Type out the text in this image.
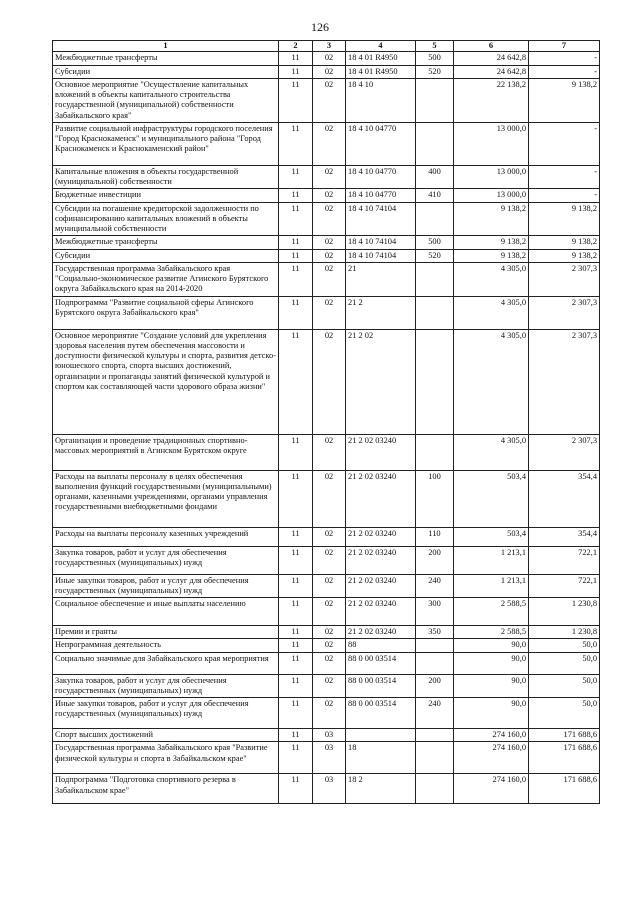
126
1	2	3	4	5	6	7
Межбюджетные трансферты	11	02	18 4 01 R4950	500	24 642,8	-
Субсидии	11	02	18 4 01 R4950	520	24 642,8	-
Основное мероприятие "Осуществление капитальных вложений в объекты капитального строительства государственной (муниципальной) собственности Забайкальского края"	11	02	18 4 10		22 138,2	9 138,2
Развитие социальной инфраструктуры городского поселения "Город Краснокаменск" и муниципального района "Город Краснокаменск и Краснокаменский район"	11	02	18 4 10 04770		13 000,0	-
Капитальные вложения в объекты государственной (муниципальной) собственности	11	02	18 4 10 04770	400	13 000,0	-
Бюджетные инвестиции	11	02	18 4 10 04770	410	13 000,0	-
Субсидии на погашение кредиторской задолженности по софинансированию капитальных вложений в объекты муниципальной собственности	11	02	18 4 10 74104		9 138,2	9 138,2
Межбюджетные трансферты	11	02	18 4 10 74104	500	9 138,2	9 138,2
Субсидии	11	02	18 4 10 74104	520	9 138,2	9 138,2
Государственная программа Забайкальского края "Социально-экономическое развитие Агинского Бурятского округа Забайкальского края на 2014-2020	11	02	21		4 305,0	2 307,3
Подпрограмма "Развитие социальной сферы Агинского Бурятского округа Забайкальского края"	11	02	21 2		4 305,0	2 307,3
Основное мероприятие "Создание условий для укрепления здоровья населения путем обеспечения массовости и доступности физической культуры и спорта, развития детско-юношеского спорта, спорта высших достижений, организации и пропаганды занятий физической культурой и спортом как составляющей части здорового образа жизни"	11	02	21 2 02		4 305,0	2 307,3
Организация и проведение традиционных спортивно-массовых мероприятий в Агинском Бурятском округе	11	02	21 2 02 03240		4 305,0	2 307,3
Расходы на выплаты персоналу в целях обеспечения выполнения функций государственными (муниципальными) органами, казенными учреждениями, органами управления государственными внебюджетными фондами	11	02	21 2 02 03240	100	503,4	354,4
Расходы на выплаты персоналу казенных учреждений	11	02	21 2 02 03240	110	503,4	354,4
Закупка товаров, работ и услуг для обеспечения государственных (муниципальных) нужд	11	02	21 2 02 03240	200	1 213,1	722,1
Иные закупки товаров, работ и услуг для обеспечения государственных (муниципальных) нужд	11	02	21 2 02 03240	240	1 213,1	722,1
Социальное обеспечение и иные выплаты населению	11	02	21 2 02 03240	300	2 588,5	1 230,8
Премии и гранты	11	02	21 2 02 03240	350	2 588,5	1 230,8
Непрограммная деятельность	11	02	88		90,0	50,0
Социально значимые для Забайкальского края мероприятия	11	02	88 0 00 03514		90,0	50,0
Закупка товаров, работ и услуг для обеспечения государственных (муниципальных) нужд	11	02	88 0 00 03514	200	90,0	50,0
Иные закупки товаров, работ и услуг для обеспечения государственных (муниципальных) нужд	11	02	88 0 00 03514	240	90,0	50,0
Спорт высших достижений	11	03			274 160,0	171 688,6
Государственная программа Забайкальского края "Развитие физической культуры и спорта в Забайкальском крае"	11	03	18		274 160,0	171 688,6
Подпрограмма "Подготовка спортивного резерва в Забайкальском крае"	11	03	18 2		274 160,0	171 688,6
